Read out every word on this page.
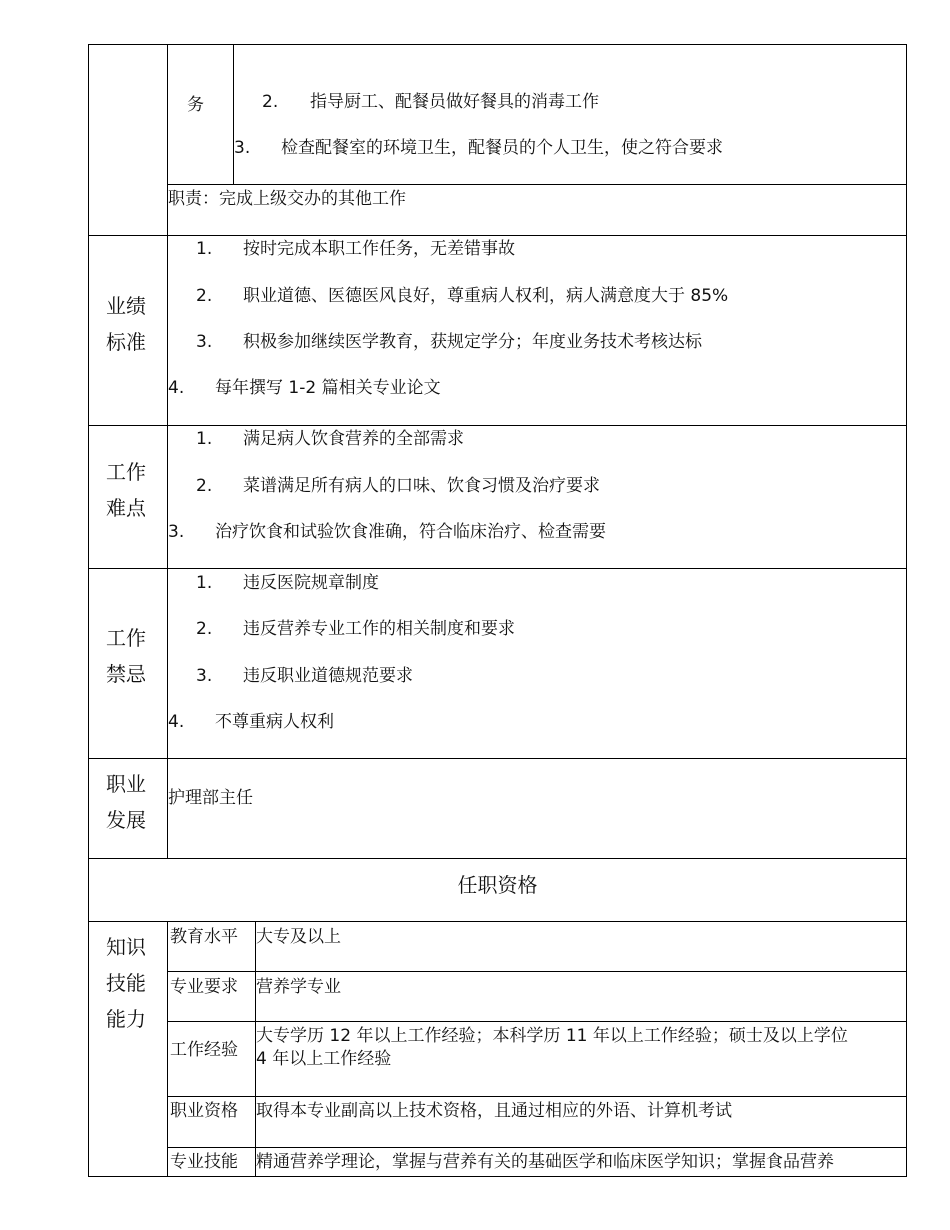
务	2. 指导厨工、配餐员做好餐具的消毒工作
3. 检查配餐室的环境卫生，配餐员的个人卫生，使之符合要求
职责：完成上级交办的其他工作
业绩
标准
1. 按时完成本职工作任务，无差错事故
2. 职业道德、医德医风良好，尊重病人权利，病人满意度大于 85%
3. 积极参加继续医学教育，获规定学分；年度业务技术考核达标
4. 每年撰写 1-2 篇相关专业论文
工作
难点
1. 满足病人饮食营养的全部需求
2. 菜谱满足所有病人的口味、饮食习惯及治疗要求
3. 治疗饮食和试验饮食准确，符合临床治疗、检查需要
工作
禁忌
1. 违反医院规章制度
2. 违反营养专业工作的相关制度和要求
3. 违反职业道德规范要求
4. 不尊重病人权利
职业
发展
护理部主任
任职资格
知识
技能
能力
教育水平 大专及以上
专业要求 营养学专业
工作经验
大专学历 12 年以上工作经验；本科学历 11 年以上工作经验；硕士及以上学位
4 年以上工作经验
职业资格 取得本专业副高以上技术资格，且通过相应的外语、计算机考试
专业技能 精通营养学理论，掌握与营养有关的基础医学和临床医学知识；掌握食品营养
